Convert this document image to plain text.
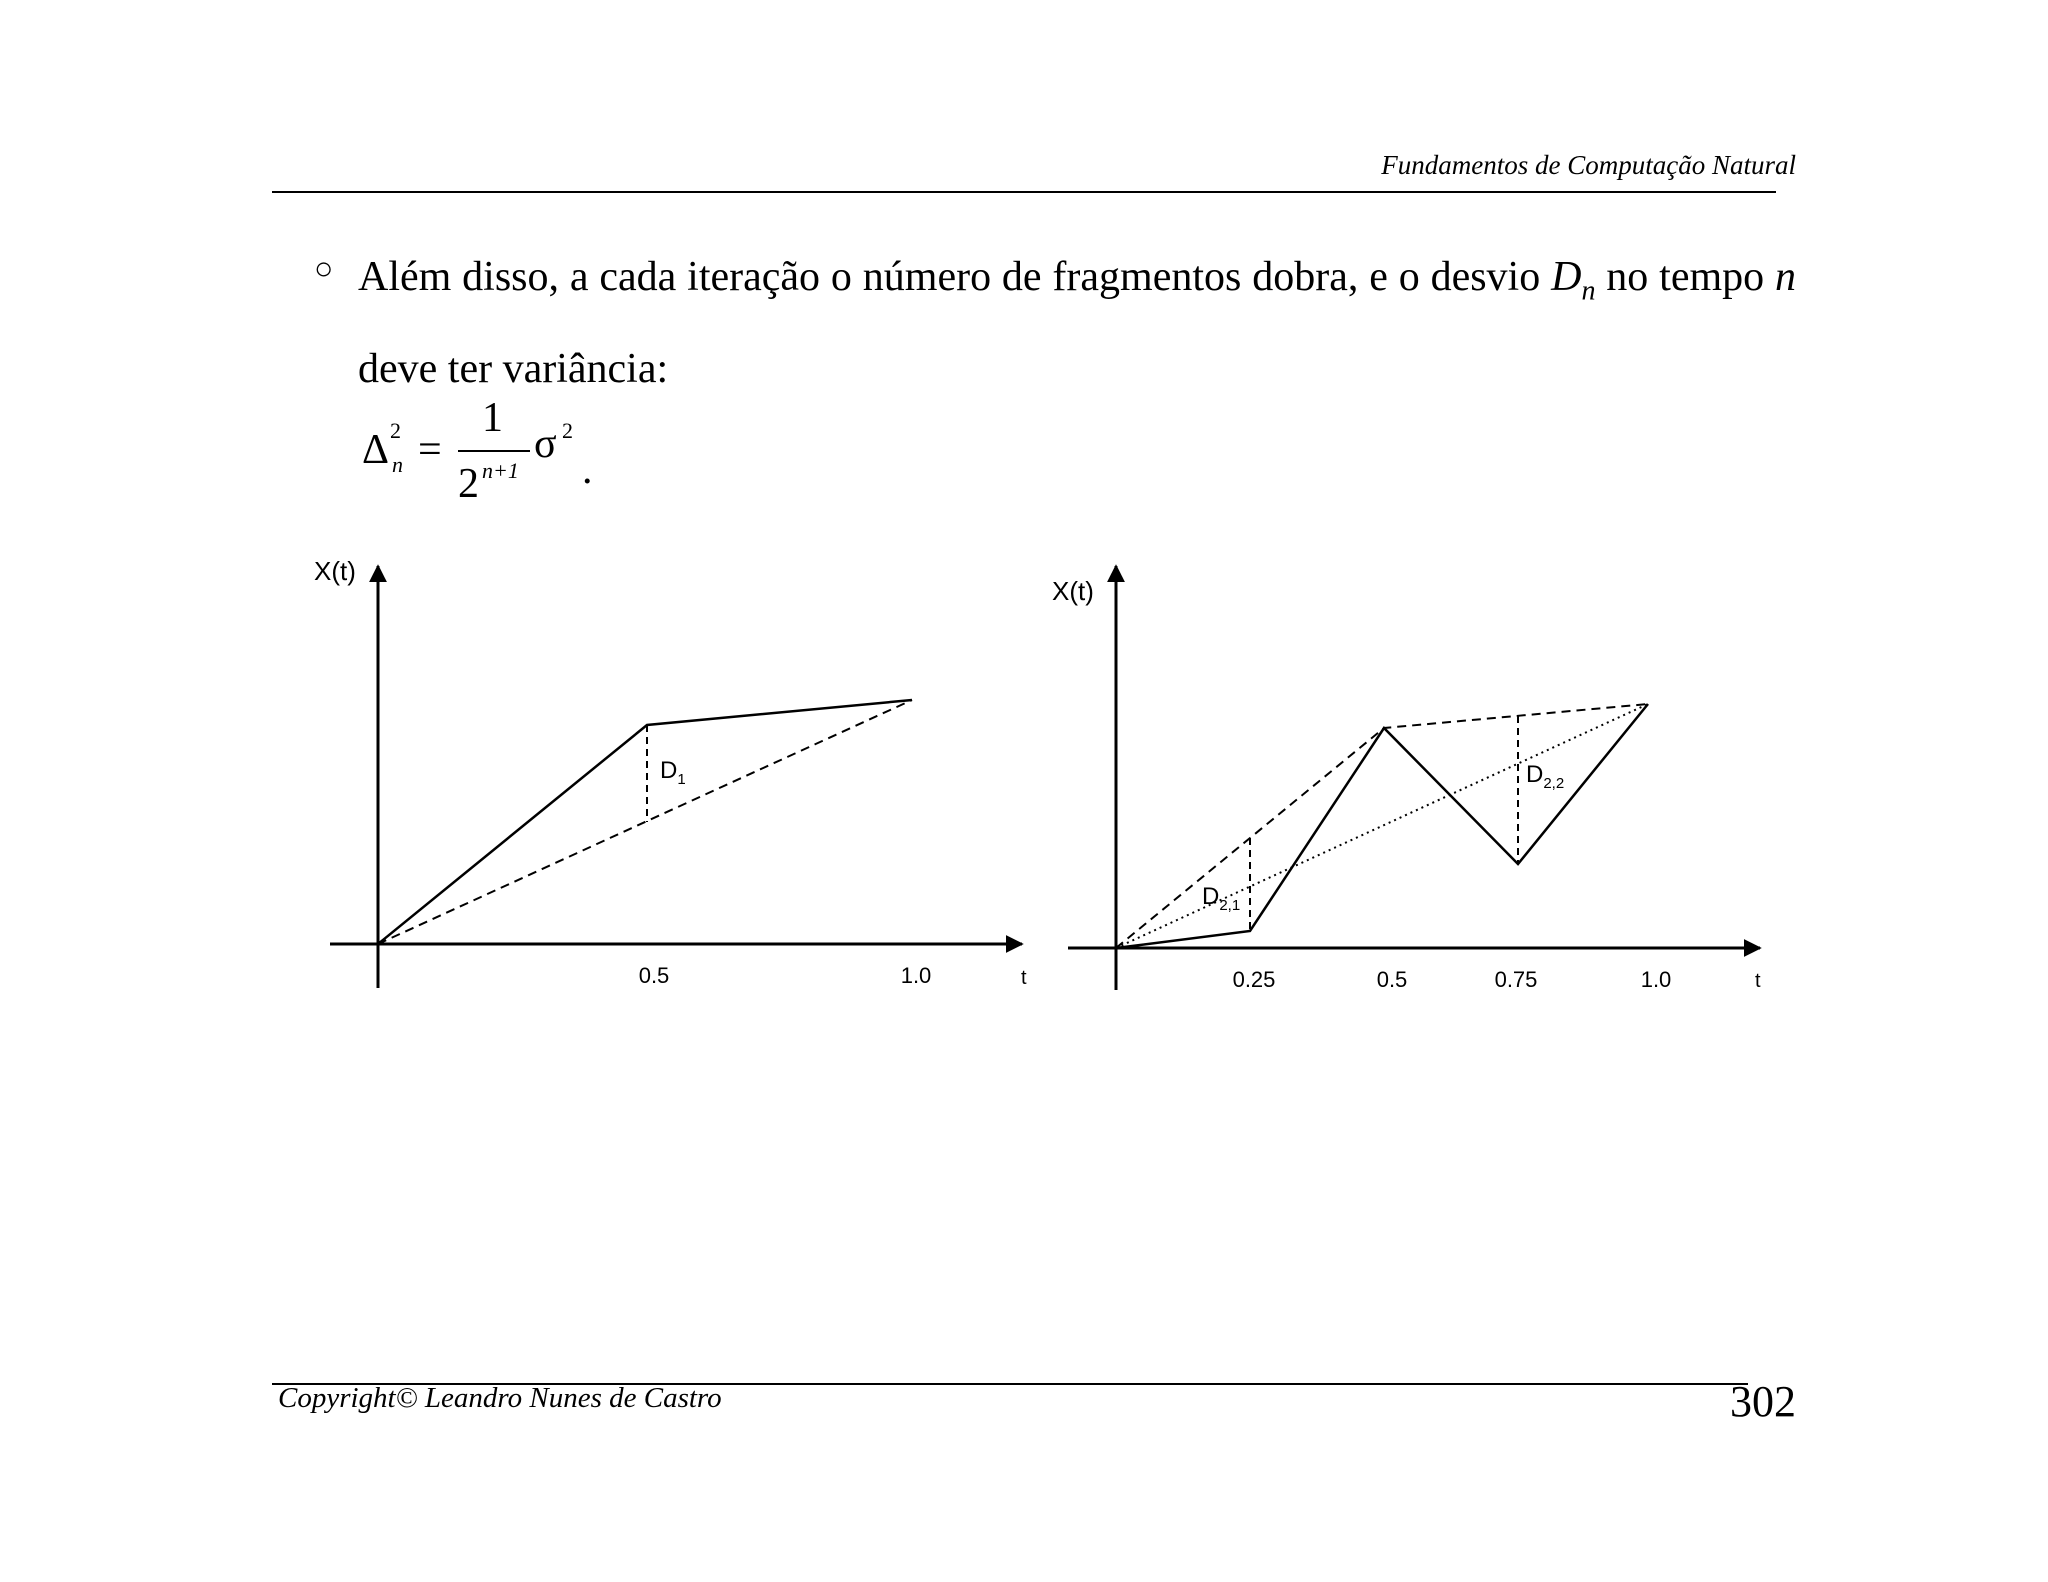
Fundamentos de Computação Natural
○ Além disso, a cada iteração o número de fragmentos dobra, e o desvio $D_n$ no tempo n deve ter variância:
Δ 2
n =
1
2 n+1
σ 2
.
X(t)
t
0.5	1.0
$D_1$
X(t)
t
0.25	0.5	0.75	1.0
$D_{2,1}$
$D_{2,2}$
Copyright© Leandro Nunes de Castro	302
